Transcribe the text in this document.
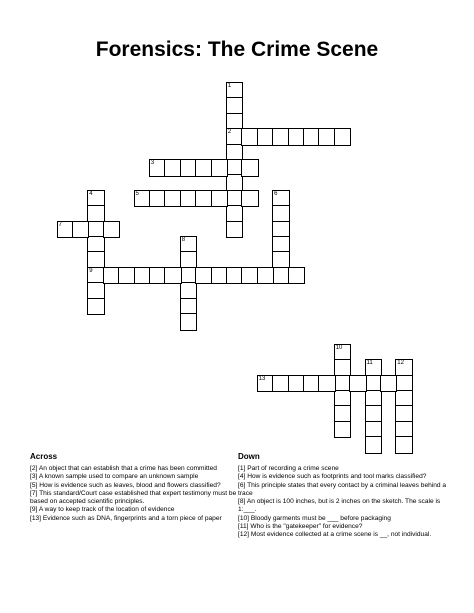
Forensics: The Crime Scene
1
2
3
4
9
5	6
7
8
10
11	12
13
Across
[2] An object that can establish that a crime has been committed
[3] A known sample used to compare an unknown sample
[5] How is evidence such as leaves, blood and flowers classified?
[7] This standard/Court case established that expert testimony must be based on accepted scientific principles.
[9] A way to keep track of the location of evidence
[13] Evidence such as DNA, fingerprints and a torn piece of paper
Down
[1] Part of recording a crime scene
[4] How is evidence such as footprints and tool marks classified?
[6] This principle states that every contact by a criminal leaves behind a trace
[8] An object is 100 inches, but is 2 inches on the sketch. The scale is 1:___.
[10] Bloody garments must be ___ before packaging
[11] Who is the "gatekeeper" for evidence?
[12] Most evidence collected at a crime scene is __, not individual.
